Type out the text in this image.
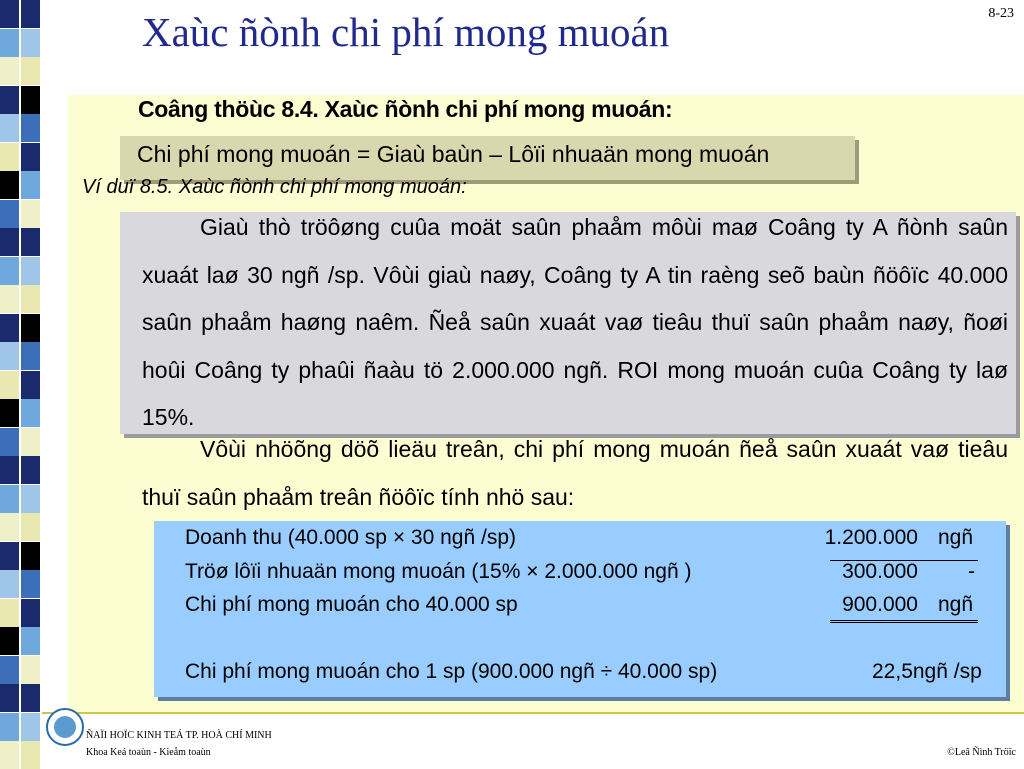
Xaùc ñònh chi phí mong muoán	8-23
Coâng thöùc 8.4. Xaùc ñònh chi phí mong muoán:
Chi phí mong muoán = Giaù baùn – Lôïi nhuaän mong muoán
Ví duï 8.5. Xaùc ñònh chi phí mong muoán:
Giaù thò tröôøng cuûa moät saûn phaåm môùi maø Coâng ty A ñònh saûn xuaát laø 30 ngñ /sp. Vôùi giaù naøy, Coâng ty A tin raèng seõ baùn ñöôïc 40.000 saûn phaåm haøng naêm. Ñeå saûn xuaát vaø tieâu thuï saûn phaåm naøy, ñoøi hoûi Coâng ty phaûi ñaàu tö 2.000.000 ngñ. ROI mong muoán cuûa Coâng ty laø 15%.
Vôùi nhöõng döõ lieäu treân, chi phí mong muoán ñeå saûn xuaát vaø tieâu thuï saûn phaåm treân ñöôïc tính nhö sau:
Doanh thu (40.000 sp × 30 ngñ /sp)	1.200.000 ngñ
Tröø lôïi nhuaän mong muoán (15% × 2.000.000 ngñ )	300.000 -
Chi phí mong muoán cho 40.000 sp	900.000 ngñ
Chi phí mong muoán cho 1 sp (900.000 ngñ ÷ 40.000 sp)	22,5ngñ /sp
ÑAÏI HOÏC KINH TEÁ TP. HOÀ CHÍ MINH
Khoa Keá toaùn - Kieåm toaùn	©Leâ Ñình Tröïc
